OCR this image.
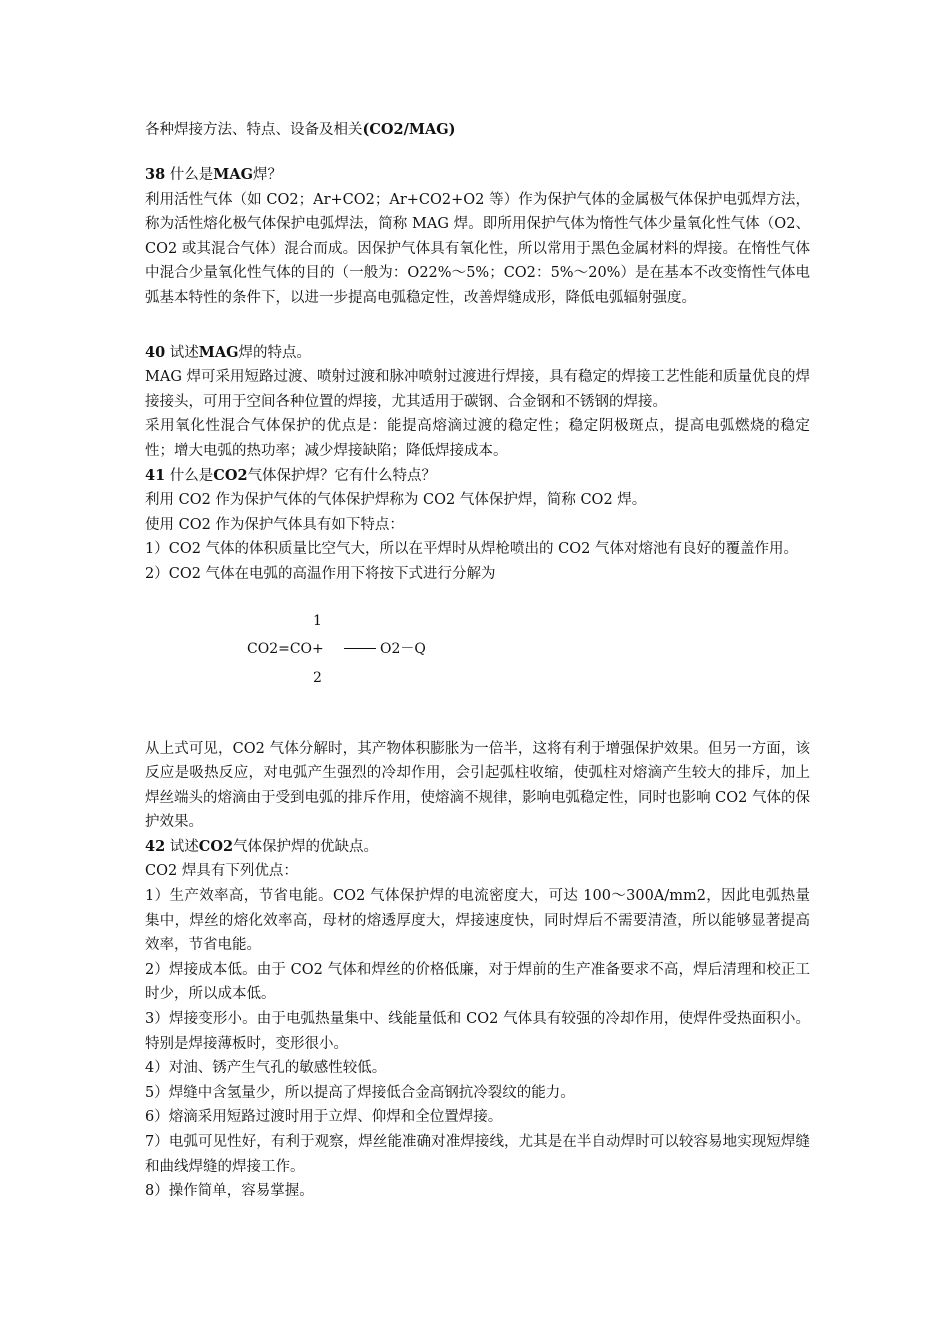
各种焊接方法、特点、设备及相关(CO2/MAG)

38 什么是MAG焊？

利用活性气体（如 CO2；Ar+CO2；Ar+CO2+O2 等）作为保护气体的金属极气体保护电弧焊方法，称为活性熔化极气体保护电弧焊法，简称 MAG 焊。即所用保护气体为惰性气体少量氧化性气体（O2、CO2 或其混合气体）混合而成。因保护气体具有氧化性，所以常用于黑色金属材料的焊接。在惰性气体中混合少量氧化性气体的目的（一般为：O22%～5%；CO2：5%～20%）是在基本不改变惰性气体电弧基本特性的条件下，以进一步提高电弧稳定性，改善焊缝成形，降低电弧辐射强度。

40 试述MAG焊的特点。

MAG 焊可采用短路过渡、喷射过渡和脉冲喷射过渡进行焊接，具有稳定的焊接工艺性能和质量优良的焊接接头，可用于空间各种位置的焊接，尤其适用于碳钢、合金钢和不锈钢的焊接。

采用氧化性混合气体保护的优点是：能提高熔滴过渡的稳定性；稳定阴极斑点，提高电弧燃烧的稳定性；增大电弧的热功率；减少焊接缺陷；降低焊接成本。

41 什么是CO2气体保护焊？它有什么特点？

利用 CO2 作为保护气体的气体保护焊称为 CO2 气体保护焊，简称 CO2 焊。

使用 CO2 作为保护气体具有如下特点：

1）CO2 气体的体积质量比空气大，所以在平焊时从焊枪喷出的 CO2 气体对熔池有良好的覆盖作用。

2）CO2 气体在电弧的高温作用下将按下式进行分解为

1
CO2=CO+	O2－Q
2

从上式可见，CO2 气体分解时，其产物体积膨胀为一倍半，这将有利于增强保护效果。但另一方面，该反应是吸热反应，对电弧产生强烈的冷却作用，会引起弧柱收缩，使弧柱对熔滴产生较大的排斥，加上焊丝端头的熔滴由于受到电弧的排斥作用，使熔滴不规律，影响电弧稳定性，同时也影响 CO2 气体的保护效果。

42 试述CO2气体保护焊的优缺点。

CO2 焊具有下列优点：

1）生产效率高，节省电能。CO2 气体保护焊的电流密度大，可达 100～300A/mm2，因此电弧热量集中，焊丝的熔化效率高，母材的熔透厚度大，焊接速度快，同时焊后不需要清渣，所以能够显著提高效率，节省电能。

2）焊接成本低。由于 CO2 气体和焊丝的价格低廉，对于焊前的生产准备要求不高，焊后清理和校正工时少，所以成本低。

3）焊接变形小。由于电弧热量集中、线能量低和 CO2 气体具有较强的冷却作用，使焊件受热面积小。特别是焊接薄板时，变形很小。

4）对油、锈产生气孔的敏感性较低。

5）焊缝中含氢量少，所以提高了焊接低合金高钢抗冷裂纹的能力。

6）熔滴采用短路过渡时用于立焊、仰焊和全位置焊接。

7）电弧可见性好，有利于观察，焊丝能准确对准焊接线，尤其是在半自动焊时可以较容易地实现短焊缝和曲线焊缝的焊接工作。

8）操作简单，容易掌握。
